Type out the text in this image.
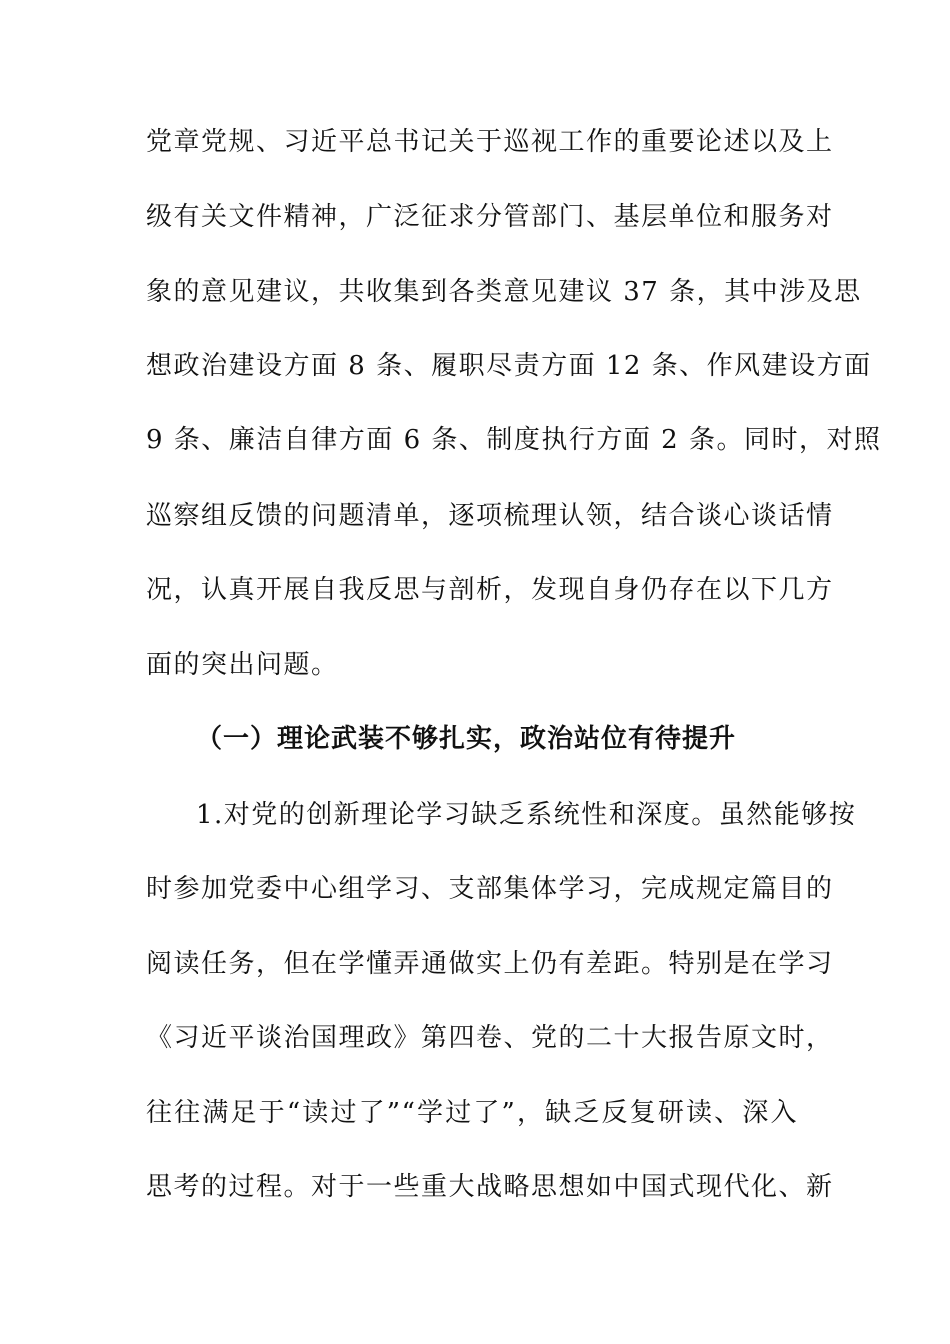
党章党规、习近平总书记关于巡视工作的重要论述以及上
级有关文件精神，广泛征求分管部门、基层单位和服务对
象的意见建议，共收集到各类意见建议 37 条，其中涉及思
想政治建设方面 8 条、履职尽责方面 12 条、作风建设方面
9 条、廉洁自律方面 6 条、制度执行方面 2 条。同时，对照
巡察组反馈的问题清单，逐项梳理认领，结合谈心谈话情
况，认真开展自我反思与剖析，发现自身仍存在以下几方
面的突出问题。
（一）理论武装不够扎实，政治站位有待提升
1.对党的创新理论学习缺乏系统性和深度。虽然能够按
时参加党委中心组学习、支部集体学习，完成规定篇目的
阅读任务，但在学懂弄通做实上仍有差距。特别是在学习
《习近平谈治国理政》第四卷、党的二十大报告原文时，
往往满足于“读过了”“学过了”，缺乏反复研读、深入
思考的过程。对于一些重大战略思想如中国式现代化、新
